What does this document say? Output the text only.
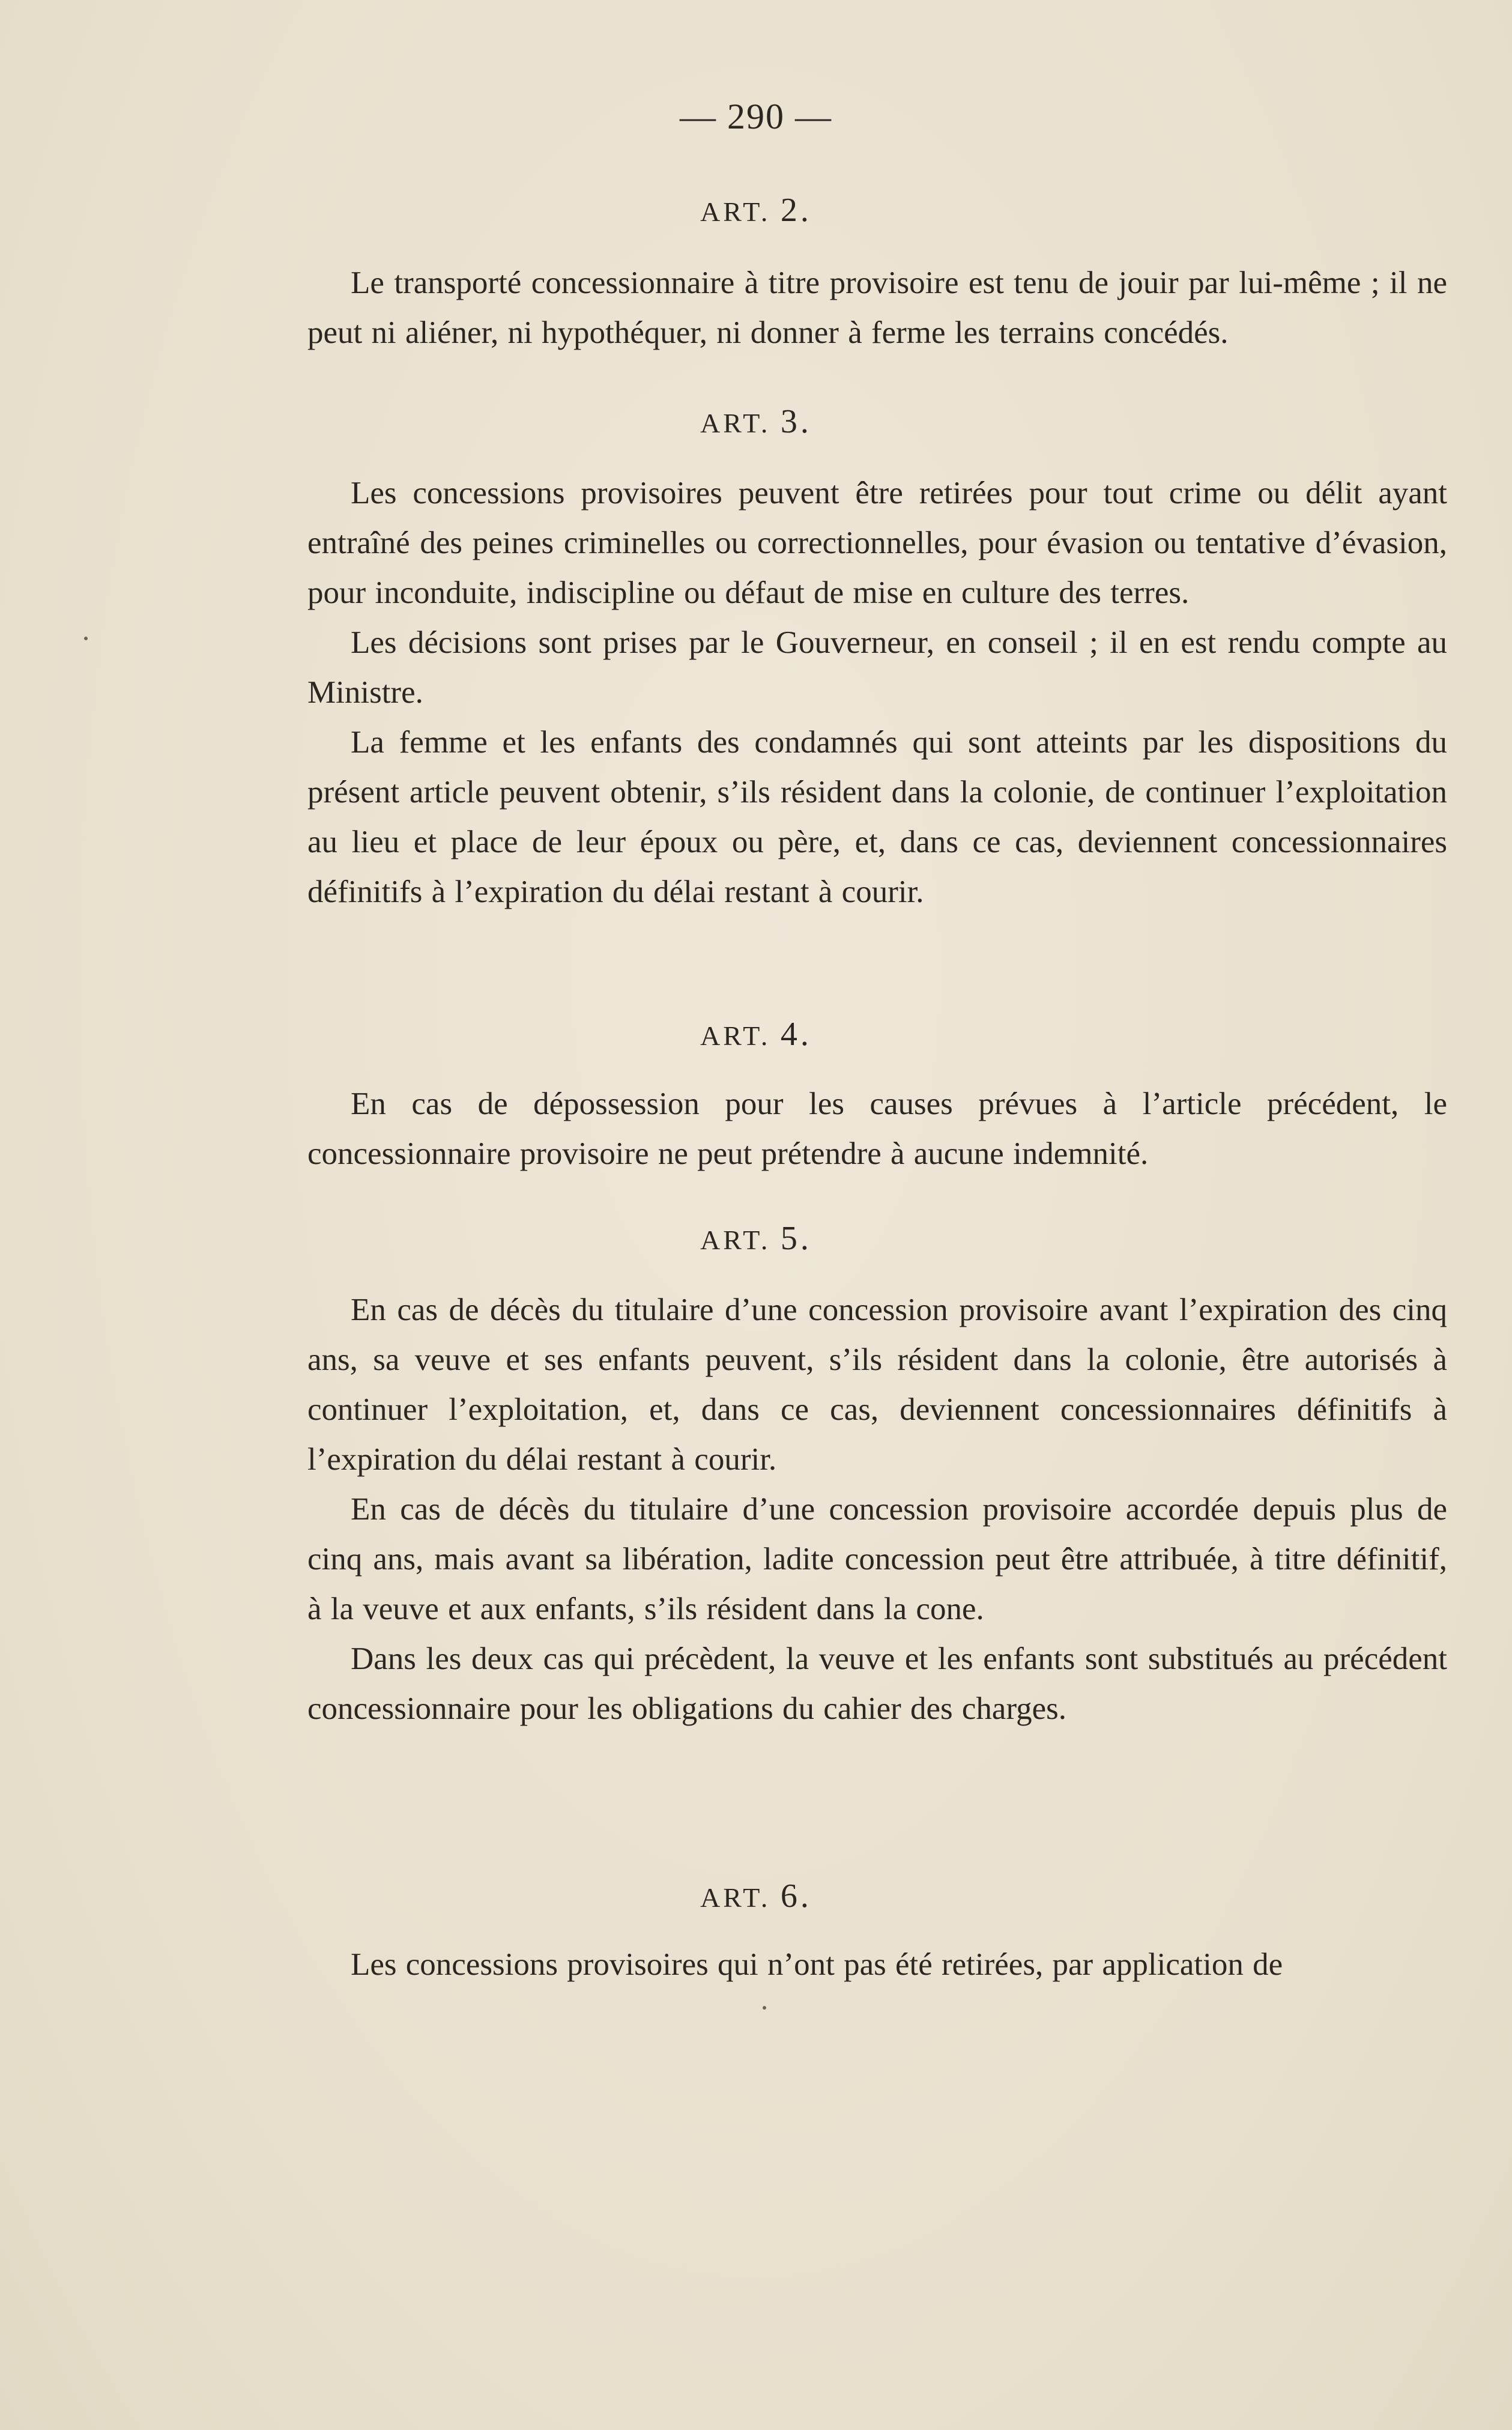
— 290 —
ART. 2.

Le transporté concessionnaire à titre provisoire est tenu de jouir par lui-même ; il ne peut ni aliéner, ni hypothéquer, ni donner à ferme les terrains concédés.

ART. 3.

Les concessions provisoires peuvent être retirées pour tout crime ou délit ayant entraîné des peines criminelles ou correctionnelles, pour évasion ou tentative d’évasion, pour inconduite, indiscipline ou défaut de mise en culture des terres.

Les décisions sont prises par le Gouverneur, en conseil ; il en est rendu compte au Ministre.

La femme et les enfants des condamnés qui sont atteints par les dispositions du présent article peuvent obtenir, s’ils résident dans la colonie, de continuer l’exploitation au lieu et place de leur époux ou père, et, dans ce cas, deviennent concessionnaires définitifs à l’expiration du délai restant à courir.

ART. 4.

En cas de dépossession pour les causes prévues à l’article précédent, le concessionnaire provisoire ne peut prétendre à aucune indemnité.

ART. 5.

En cas de décès du titulaire d’une concession provisoire avant l’expiration des cinq ans, sa veuve et ses enfants peuvent, s’ils résident dans la colonie, être autorisés à continuer l’exploitation, et, dans ce cas, deviennent concessionnaires définitifs à l’expiration du délai restant à courir.

En cas de décès du titulaire d’une concession provisoire accordée depuis plus de cinq ans, mais avant sa libération, ladite concession peut être attribuée, à titre définitif, à la veuve et aux enfants, s’ils résident dans la cone.

Dans les deux cas qui précèdent, la veuve et les enfants sont substitués au précédent concessionnaire pour les obligations du cahier des charges.

ART. 6.

Les concessions provisoires qui n’ont pas été retirées, par application de
